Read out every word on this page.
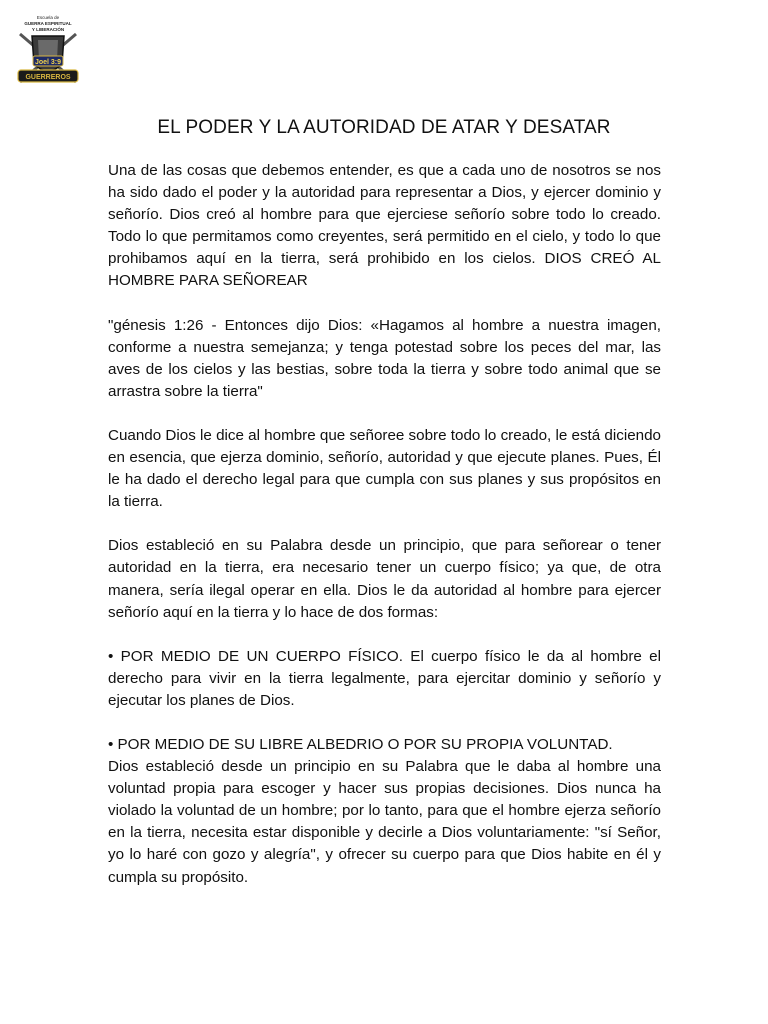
Escuela de
GUERRA ESPIRITUAL
Y LIBERACIÓN
Joel 3:9
GUERREROS
EL PODER Y LA AUTORIDAD DE ATAR Y DESATAR

Una de las cosas que debemos entender, es que a cada uno de nosotros se nos ha sido dado el poder y la autoridad para representar a Dios, y ejercer dominio y señorío. Dios creó al hombre para que ejerciese señorío sobre todo lo creado. Todo lo que permitamos como creyentes, será permitido en el cielo, y todo lo que prohibamos aquí en la tierra, será prohibido en los cielos. DIOS CREÓ AL HOMBRE PARA SEÑOREAR

"génesis 1:26 - Entonces dijo Dios: «Hagamos al hombre a nuestra imagen, conforme a nuestra semejanza; y tenga potestad sobre los peces del mar, las aves de los cielos y las bestias, sobre toda la tierra y sobre todo animal que se arrastra sobre la tierra"

Cuando Dios le dice al hombre que señoree sobre todo lo creado, le está diciendo en esencia, que ejerza dominio, señorío, autoridad y que ejecute planes. Pues, Él le ha dado el derecho legal para que cumpla con sus planes y sus propósitos en la tierra.

Dios estableció en su Palabra desde un principio, que para señorear o tener autoridad en la tierra, era necesario tener un cuerpo físico; ya que, de otra manera, sería ilegal operar en ella. Dios le da autoridad al hombre para ejercer señorío aquí en la tierra y lo hace de dos formas:

• POR MEDIO DE UN CUERPO FÍSICO. El cuerpo físico le da al hombre el derecho para vivir en la tierra legalmente, para ejercitar dominio y señorío y ejecutar los planes de Dios.

• POR MEDIO DE SU LIBRE ALBEDRIO O POR SU PROPIA VOLUNTAD.

Dios estableció desde un principio en su Palabra que le daba al hombre una voluntad propia para escoger y hacer sus propias decisiones. Dios nunca ha violado la voluntad de un hombre; por lo tanto, para que el hombre ejerza señorío en la tierra, necesita estar disponible y decirle a Dios voluntariamente: "sí Señor, yo lo haré con gozo y alegría", y ofrecer su cuerpo para que Dios habite en él y cumpla su propósito.
